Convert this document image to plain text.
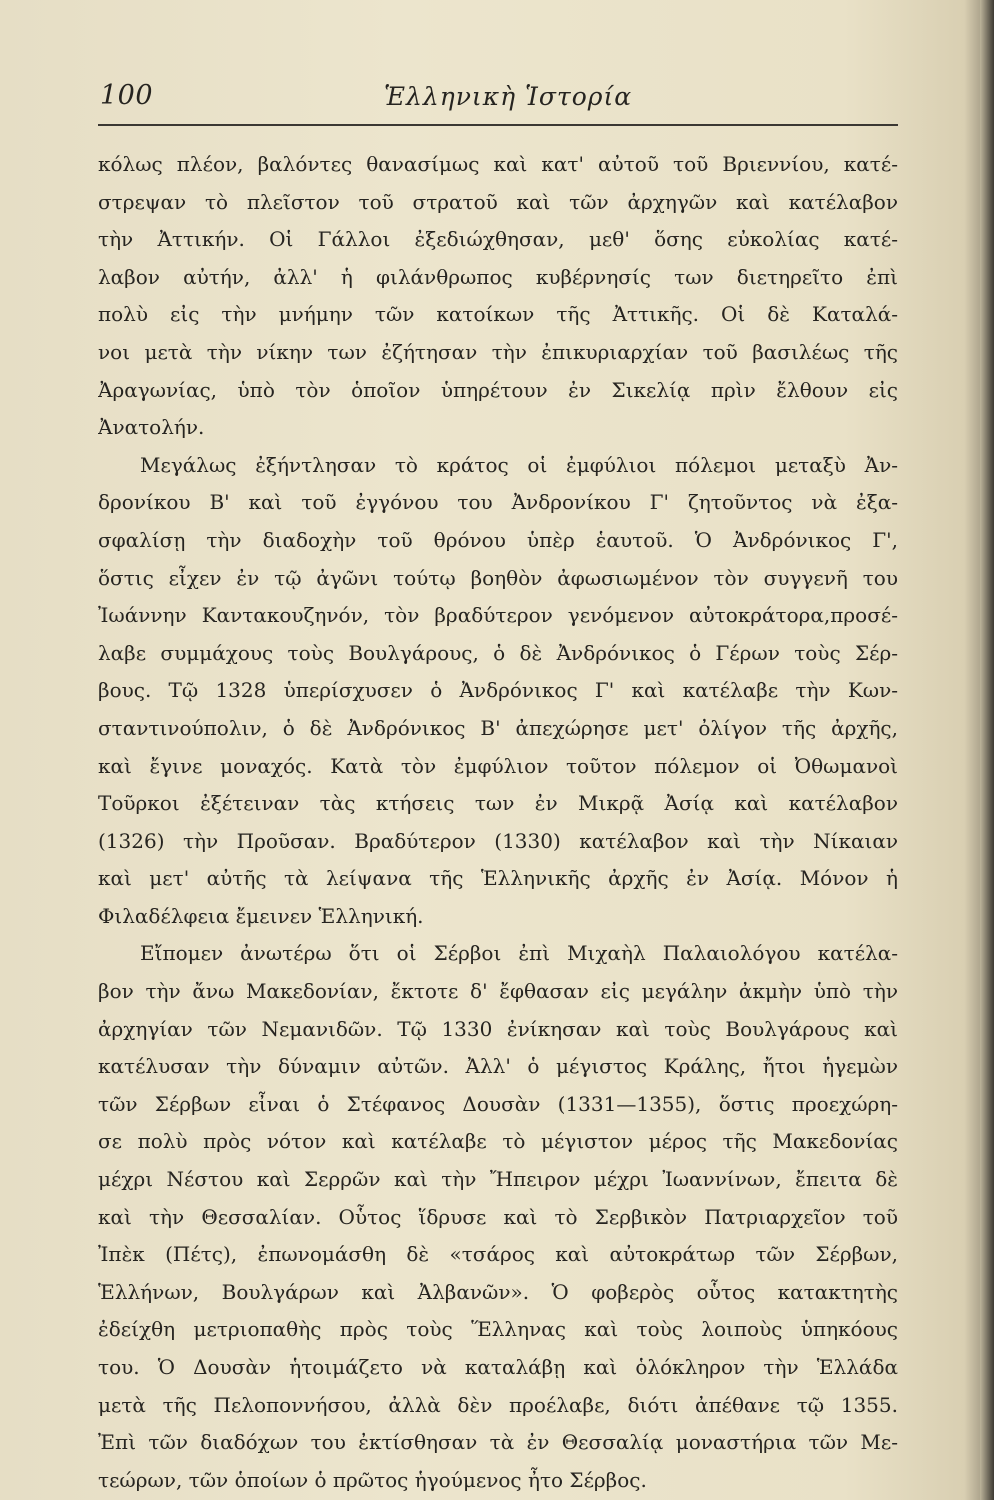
100	Ἑλληνικὴ Ἱστορία
κόλως πλέον, βαλόντες θανασίμως καὶ κατ' αὐτοῦ τοῦ Βριεννίου, κατέ-
στρεψαν τὸ πλεῖστον τοῦ στρατοῦ καὶ τῶν ἀρχηγῶν καὶ κατέλαβον
τὴν Ἀττικήν. Οἱ Γάλλοι ἐξεδιώχθησαν, μεθ' ὅσης εὐκολίας κατέ-
λαβον αὐτήν, ἀλλ' ἡ φιλάνθρωπος κυβέρνησίς των διετηρεῖτο ἐπὶ
πολὺ εἰς τὴν μνήμην τῶν κατοίκων τῆς Ἀττικῆς. Οἱ δὲ Καταλά-
νοι μετὰ τὴν νίκην των ἐζήτησαν τὴν ἐπικυριαρχίαν τοῦ βασιλέως τῆς
Ἀραγωνίας, ὑπὸ τὸν ὁποῖον ὑπηρέτουν ἐν Σικελίᾳ πρὶν ἔλθουν εἰς
Ἀνατολήν.
Μεγάλως ἐξήντλησαν τὸ κράτος οἱ ἐμφύλιοι πόλεμοι μεταξὺ Ἀν-
δρονίκου Β' καὶ τοῦ ἐγγόνου του Ἀνδρονίκου Γ' ζητοῦντος νὰ ἐξα-
σφαλίσῃ τὴν διαδοχὴν τοῦ θρόνου ὑπὲρ ἑαυτοῦ. Ὁ Ἀνδρόνικος Γ',
ὅστις εἶχεν ἐν τῷ ἀγῶνι τούτῳ βοηθὸν ἀφωσιωμένον τὸν συγγενῆ του
Ἰωάννην Καντακουζηνόν, τὸν βραδύτερον γενόμενον αὐτοκράτορα,προσέ-
λαβε συμμάχους τοὺς Βουλγάρους, ὁ δὲ Ἀνδρόνικος ὁ Γέρων τοὺς Σέρ-
βους. Τῷ 1328 ὑπερίσχυσεν ὁ Ἀνδρόνικος Γ' καὶ κατέλαβε τὴν Κων-
σταντινούπολιν, ὁ δὲ Ἀνδρόνικος Β' ἀπεχώρησε μετ' ὀλίγον τῆς ἀρχῆς,
καὶ ἔγινε μοναχός. Κατὰ τὸν ἐμφύλιον τοῦτον πόλεμον οἱ Ὀθωμανοὶ
Τοῦρκοι ἐξέτειναν τὰς κτήσεις των ἐν Μικρᾷ Ἀσίᾳ καὶ κατέλαβον
(1326) τὴν Προῦσαν. Βραδύτερον (1330) κατέλαβον καὶ τὴν Νίκαιαν
καὶ μετ' αὐτῆς τὰ λείψανα τῆς Ἑλληνικῆς ἀρχῆς ἐν Ἀσίᾳ. Μόνον ἡ
Φιλαδέλφεια ἔμεινεν Ἑλληνική.
Εἴπομεν ἀνωτέρω ὅτι οἱ Σέρβοι ἐπὶ Μιχαὴλ Παλαιολόγου κατέλα-
βον τὴν ἄνω Μακεδονίαν, ἔκτοτε δ' ἔφθασαν εἰς μεγάλην ἀκμὴν ὑπὸ τὴν
ἀρχηγίαν τῶν Νεμανιδῶν. Τῷ 1330 ἐνίκησαν καὶ τοὺς Βουλγάρους καὶ
κατέλυσαν τὴν δύναμιν αὐτῶν. Ἀλλ' ὁ μέγιστος Κράλης, ἤτοι ἡγεμὼν
τῶν Σέρβων εἶναι ὁ Στέφανος Δουσὰν (1331—1355), ὅστις προεχώρη-
σε πολὺ πρὸς νότον καὶ κατέλαβε τὸ μέγιστον μέρος τῆς Μακεδονίας
μέχρι Νέστου καὶ Σερρῶν καὶ τὴν Ἤπειρον μέχρι Ἰωαννίνων, ἔπειτα δὲ
καὶ τὴν Θεσσαλίαν. Οὗτος ἵδρυσε καὶ τὸ Σερβικὸν Πατριαρχεῖον τοῦ
Ἰπὲκ (Πέτς), ἐπωνομάσθη δὲ «τσάρος καὶ αὐτοκράτωρ τῶν Σέρβων,
Ἑλλήνων, Βουλγάρων καὶ Ἀλβανῶν». Ὁ φοβερὸς οὗτος κατακτητὴς
ἐδείχθη μετριοπαθὴς πρὸς τοὺς Ἕλληνας καὶ τοὺς λοιποὺς ὑπηκόους
του. Ὁ Δουσὰν ἡτοιμάζετο νὰ καταλάβῃ καὶ ὁλόκληρον τὴν Ἑλλάδα
μετὰ τῆς Πελοποννήσου, ἀλλὰ δὲν προέλαβε, διότι ἀπέθανε τῷ 1355.
Ἐπὶ τῶν διαδόχων του ἐκτίσθησαν τὰ ἐν Θεσσαλίᾳ μοναστήρια τῶν Με-
τεώρων, τῶν ὁποίων ὁ πρῶτος ἡγούμενος ἦτο Σέρβος.
